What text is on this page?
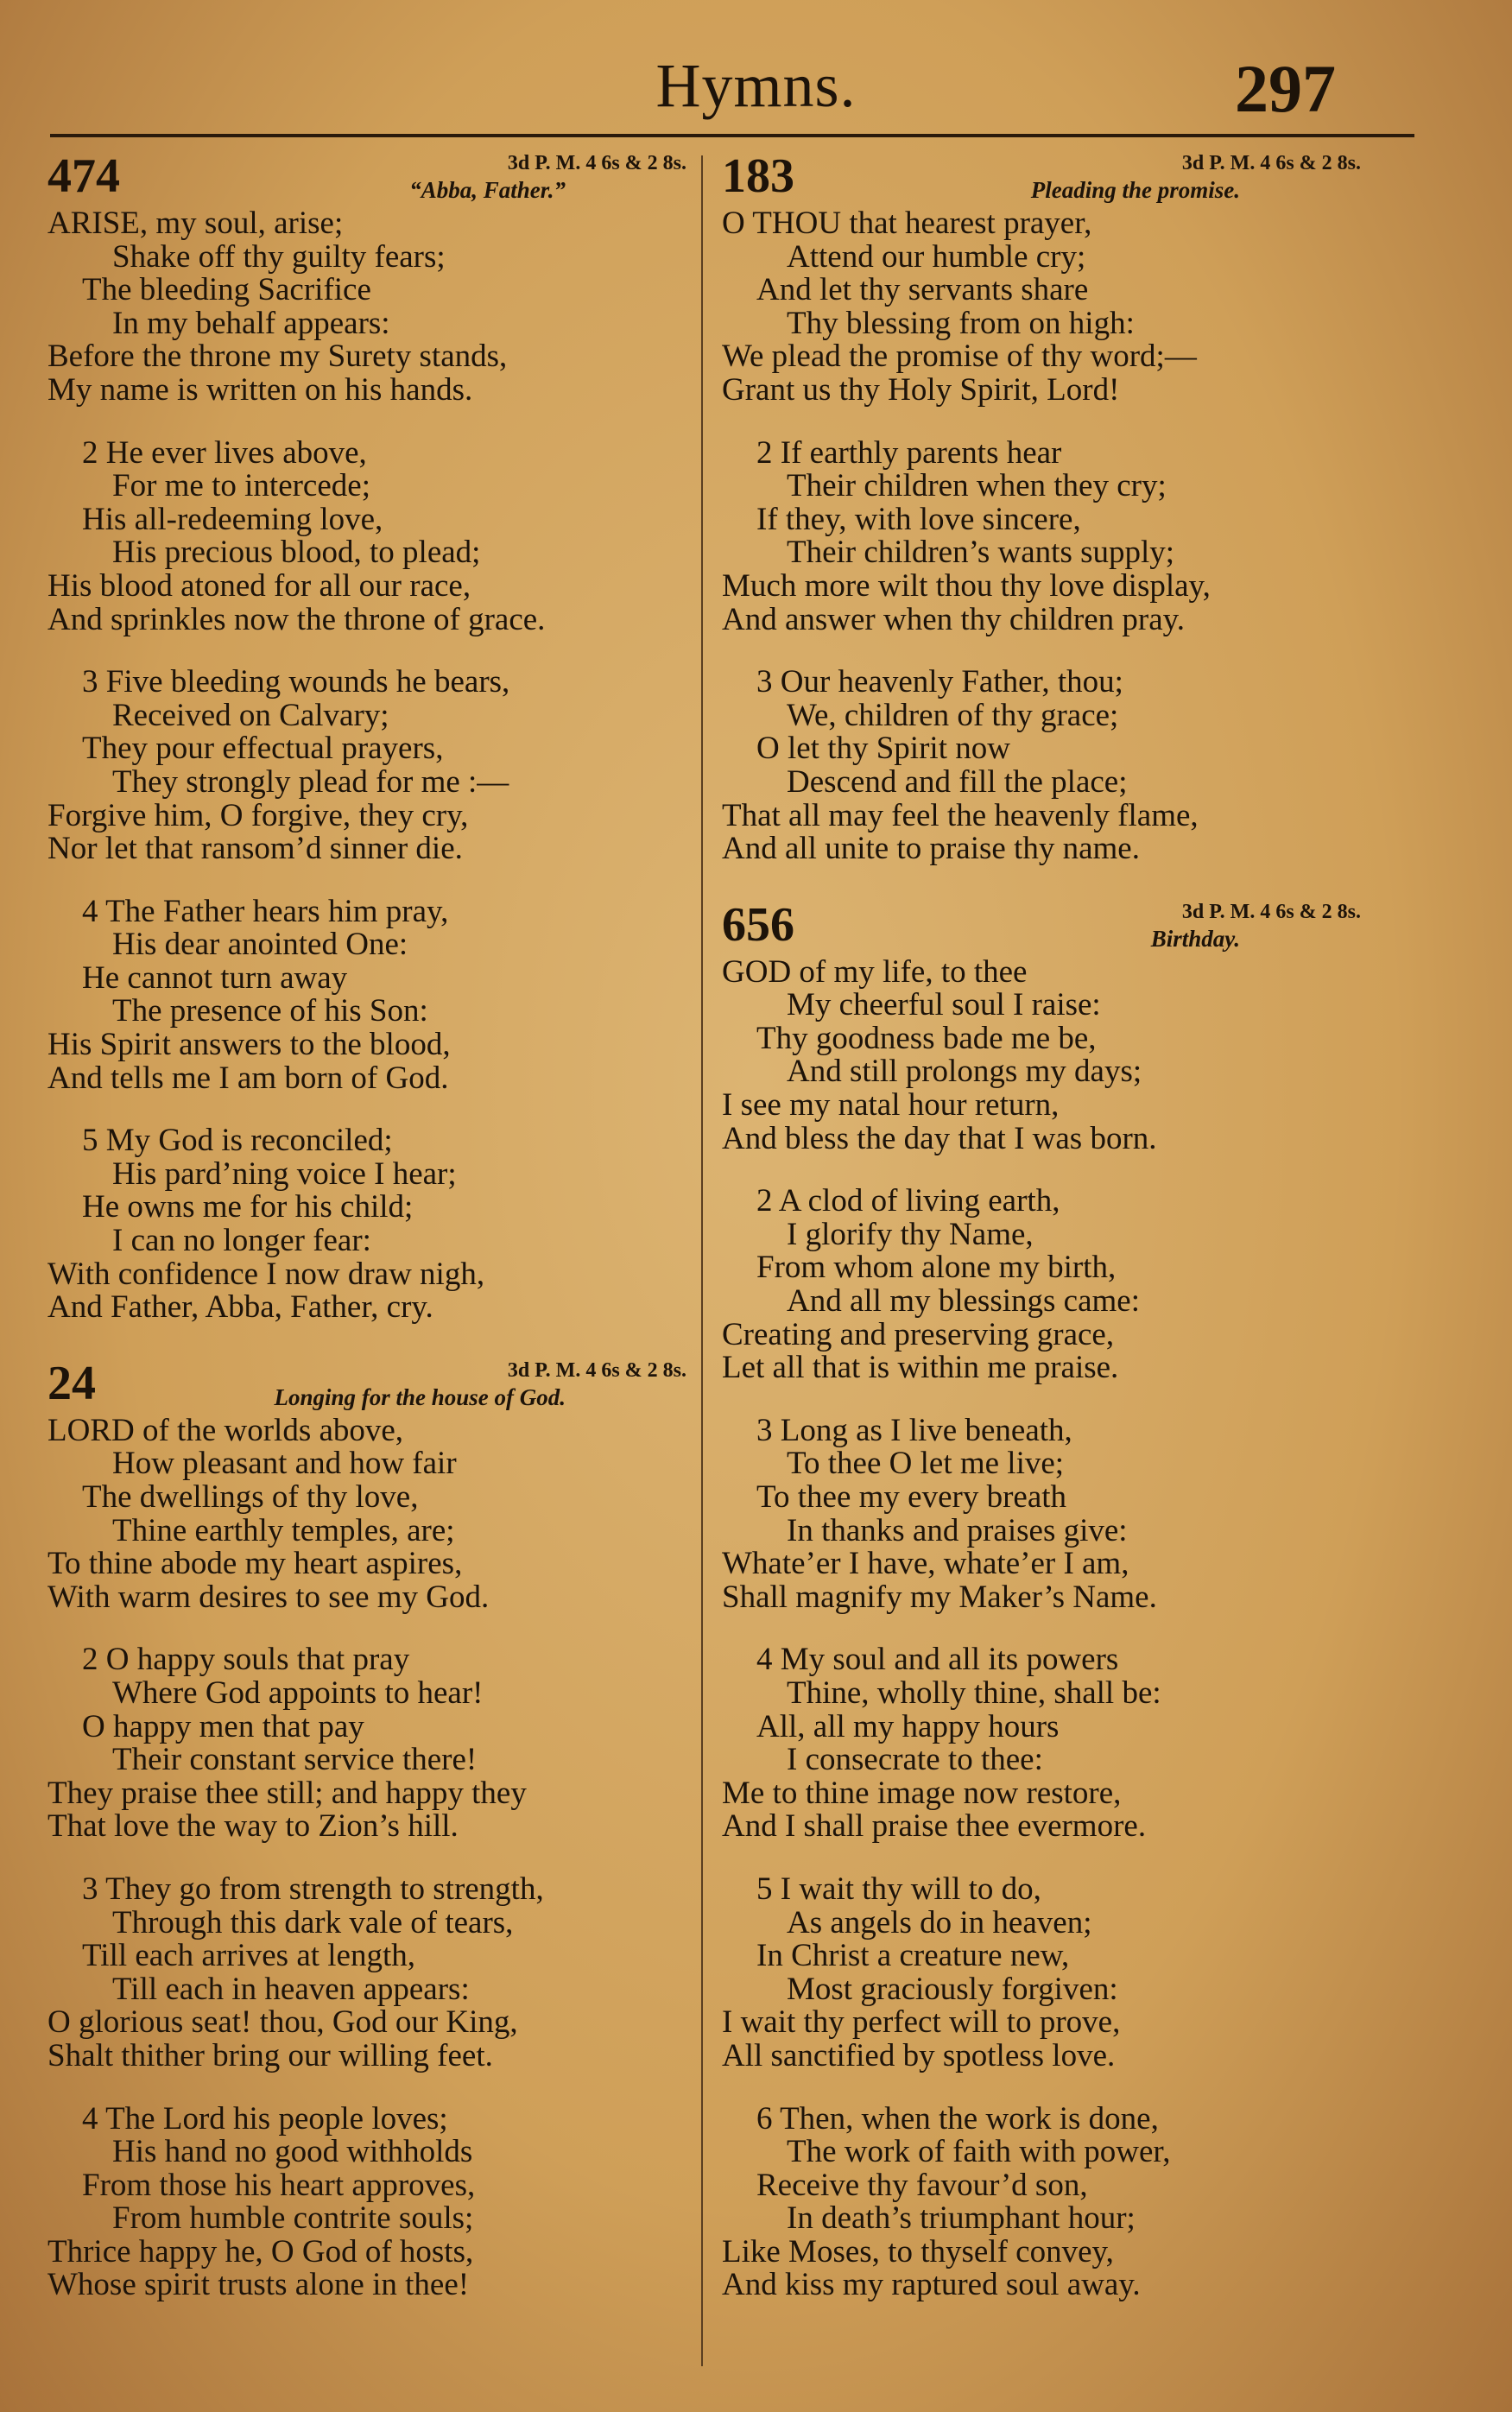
Hymns.	297
474	3d P. M. 4 6s & 2 8s.
“Abba, Father.”
ARISE, my soul, arise;
Shake off thy guilty fears;
The bleeding Sacrifice
In my behalf appears:
Before the throne my Surety stands,
My name is written on his hands.
2 He ever lives above,
For me to intercede;
His all-redeeming love,
His precious blood, to plead;
His blood atoned for all our race,
And sprinkles now the throne of grace.
3 Five bleeding wounds he bears,
Received on Calvary;
They pour effectual prayers,
They strongly plead for me :—
Forgive him, O forgive, they cry,
Nor let that ransom’d sinner die.
4 The Father hears him pray,
His dear anointed One:
He cannot turn away
The presence of his Son:
His Spirit answers to the blood,
And tells me I am born of God.
5 My God is reconciled;
His pard’ning voice I hear;
He owns me for his child;
I can no longer fear:
With confidence I now draw nigh,
And Father, Abba, Father, cry.
24	3d P. M. 4 6s & 2 8s.
Longing for the house of God.
LORD of the worlds above,
How pleasant and how fair
The dwellings of thy love,
Thine earthly temples, are;
To thine abode my heart aspires,
With warm desires to see my God.
2 O happy souls that pray
Where God appoints to hear!
O happy men that pay
Their constant service there!
They praise thee still; and happy they
That love the way to Zion’s hill.
3 They go from strength to strength,
Through this dark vale of tears,
Till each arrives at length,
Till each in heaven appears:
O glorious seat! thou, God our King,
Shalt thither bring our willing feet.
4 The Lord his people loves;
His hand no good withholds
From those his heart approves,
From humble contrite souls;
Thrice happy he, O God of hosts,
Whose spirit trusts alone in thee!
183	3d P. M. 4 6s & 2 8s.
Pleading the promise.
O THOU that hearest prayer,
Attend our humble cry;
And let thy servants share
Thy blessing from on high:
We plead the promise of thy word;—
Grant us thy Holy Spirit, Lord!
2 If earthly parents hear
Their children when they cry;
If they, with love sincere,
Their children’s wants supply;
Much more wilt thou thy love display,
And answer when thy children pray.
3 Our heavenly Father, thou;
We, children of thy grace;
O let thy Spirit now
Descend and fill the place;
That all may feel the heavenly flame,
And all unite to praise thy name.
656	3d P. M. 4 6s & 2 8s.
Birthday.
GOD of my life, to thee
My cheerful soul I raise:
Thy goodness bade me be,
And still prolongs my days;
I see my natal hour return,
And bless the day that I was born.
2 A clod of living earth,
I glorify thy Name,
From whom alone my birth,
And all my blessings came:
Creating and preserving grace,
Let all that is within me praise.
3 Long as I live beneath,
To thee O let me live;
To thee my every breath
In thanks and praises give:
Whate’er I have, whate’er I am,
Shall magnify my Maker’s Name.
4 My soul and all its powers
Thine, wholly thine, shall be:
All, all my happy hours
I consecrate to thee:
Me to thine image now restore,
And I shall praise thee evermore.
5 I wait thy will to do,
As angels do in heaven;
In Christ a creature new,
Most graciously forgiven:
I wait thy perfect will to prove,
All sanctified by spotless love.
6 Then, when the work is done,
The work of faith with power,
Receive thy favour’d son,
In death’s triumphant hour;
Like Moses, to thyself convey,
And kiss my raptured soul away.
